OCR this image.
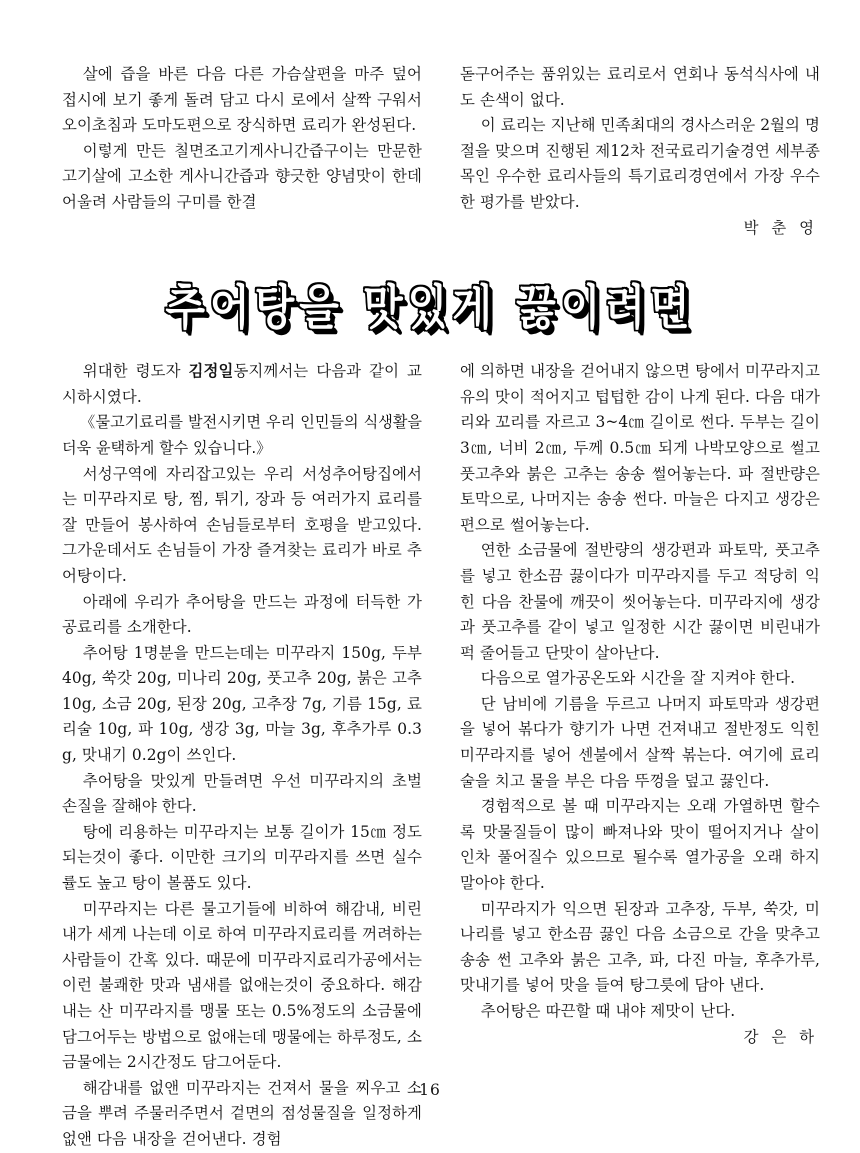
살에 즙을 바른 다음 다른 가슴살편을 마주 덮어 접시에 보기 좋게 돌려 담고 다시 로에서 살짝 구워서 오이초침과 도마도편으로 장식하면 료리가 완성된다.

이렇게 만든 칠면조고기게사니간즙구이는 만문한 고기살에 고소한 게사니간즙과 향긋한 양념맛이 한데 어울려 사람들의 구미를 한결

돋구어주는 품위있는 료리로서 연회나 동석식사에 내도 손색이 없다.

이 료리는 지난해 민족최대의 경사스러운 2월의 명절을 맞으며 진행된 제12차 전국료리기술경연 세부종목인 우수한 료리사들의 특기료리경연에서 가장 우수한 평가를 받았다.

박 춘 영

추어탕을 맛있게 끓이려면

위대한 령도자 김정일동지께서는 다음과 같이 교시하시였다.

《물고기료리를 발전시키면 우리 인민들의 식생활을 더욱 윤택하게 할수 있습니다.》

서성구역에 자리잡고있는 우리 서성추어탕집에서는 미꾸라지로 탕, 찜, 튀기, 장과 등 여러가지 료리를 잘 만들어 봉사하여 손님들로부터 호평을 받고있다. 그가운데서도 손님들이 가장 즐겨찾는 료리가 바로 추어탕이다.

아래에 우리가 추어탕을 만드는 과정에 터득한 가공료리를 소개한다.

추어탕 1명분을 만드는데는 미꾸라지 150g, 두부 40g, 쑥갓 20g, 미나리 20g, 풋고추 20g, 붉은 고추 10g, 소금 20g, 된장 20g, 고추장 7g, 기름 15g, 료리술 10g, 파 10g, 생강 3g, 마늘 3g, 후추가루 0.3g, 맛내기 0.2g이 쓰인다.

추어탕을 맛있게 만들려면 우선 미꾸라지의 초벌손질을 잘해야 한다.

탕에 리용하는 미꾸라지는 보통 길이가 15㎝ 정도 되는것이 좋다. 이만한 크기의 미꾸라지를 쓰면 실수률도 높고 탕이 볼품도 있다.

미꾸라지는 다른 물고기들에 비하여 해감내, 비린내가 세게 나는데 이로 하여 미꾸라지료리를 꺼려하는 사람들이 간혹 있다. 때문에 미꾸라지료리가공에서는 이런 불쾌한 맛과 냄새를 없애는것이 중요하다. 해감내는 산 미꾸라지를 맹물 또는 0.5%정도의 소금물에 담그어두는 방법으로 없애는데 맹물에는 하루정도, 소금물에는 2시간정도 담그어둔다.

해감내를 없앤 미꾸라지는 건져서 물을 찌우고 소금을 뿌려 주물러주면서 겉면의 점성물질을 일정하게 없앤 다음 내장을 걷어낸다. 경험

에 의하면 내장을 걷어내지 않으면 탕에서 미꾸라지고유의 맛이 적어지고 텁텁한 감이 나게 된다. 다음 대가리와 꼬리를 자르고 3~4㎝ 길이로 썬다. 두부는 길이 3㎝, 너비 2㎝, 두께 0.5㎝ 되게 나박모양으로 썰고 풋고추와 붉은 고추는 송송 썰어놓는다. 파 절반량은 토막으로, 나머지는 송송 썬다. 마늘은 다지고 생강은 편으로 썰어놓는다.

연한 소금물에 절반량의 생강편과 파토막, 풋고추를 넣고 한소끔 끓이다가 미꾸라지를 두고 적당히 익힌 다음 찬물에 깨끗이 씻어놓는다. 미꾸라지에 생강과 풋고추를 같이 넣고 일정한 시간 끓이면 비린내가 퍽 줄어들고 단맛이 살아난다.

다음으로 열가공온도와 시간을 잘 지켜야 한다.

단 남비에 기름을 두르고 나머지 파토막과 생강편을 넣어 볶다가 향기가 나면 건져내고 절반정도 익힌 미꾸라지를 넣어 센불에서 살짝 볶는다. 여기에 료리술을 치고 물을 부은 다음 뚜껑을 덮고 끓인다.

경험적으로 볼 때 미꾸라지는 오래 가열하면 할수록 맛물질들이 많이 빠져나와 맛이 떨어지거나 살이 인차 풀어질수 있으므로 될수록 열가공을 오래 하지 말아야 한다.

미꾸라지가 익으면 된장과 고추장, 두부, 쑥갓, 미나리를 넣고 한소끔 끓인 다음 소금으로 간을 맞추고 송송 썬 고추와 붉은 고추, 파, 다진 마늘, 후추가루, 맛내기를 넣어 맛을 들여 탕그릇에 담아 낸다.

추어탕은 따끈할 때 내야 제맛이 난다.

강 은 하

16
